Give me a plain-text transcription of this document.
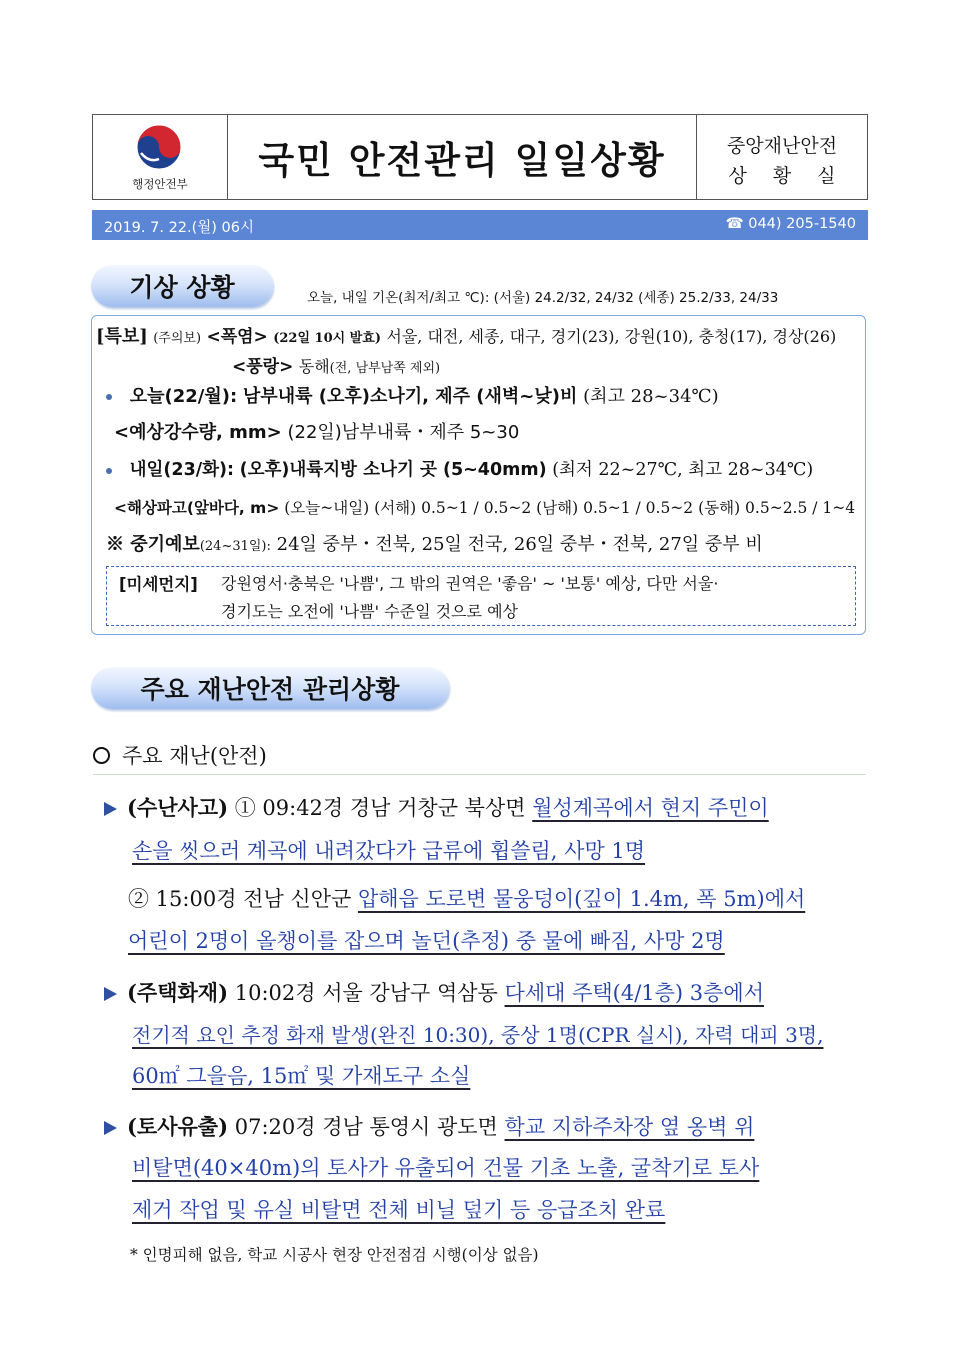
행정안전부
국민 안전관리 일일상황	중앙재난안전
상황실
2019. 7. 22.(월) 06시	☎ 044) 205-1540
기상 상황	오늘, 내일 기온(최저/최고 ℃): (서울) 24.2/32, 24/32 (세종) 25.2/33, 24/33
[특보] (주의보) <폭염> (22일 10시 발효) 서울, 대전, 세종, 대구, 경기(23), 강원(10), 충청(17), 경상(26)
<풍랑> 동해(전, 남부남쪽 제외)
오늘(22/월): 남부내륙 (오후)소나기, 제주 (새벽~낮)비 (최고 28~34℃)
<예상강수량, mm> (22일)남부내륙・제주 5~30
내일(23/화): (오후)내륙지방 소나기 곳 (5~40mm) (최저 22~27℃, 최고 28~34℃)
<해상파고(앞바다, m> (오늘~내일) (서해) 0.5~1 / 0.5~2 (남해) 0.5~1 / 0.5~2 (동해) 0.5~2.5 / 1~4
※ 중기예보(24~31일): 24일 중부・전북, 25일 전국, 26일 중부・전북, 27일 중부 비
[미세먼지] 강원영서·충북은 '나쁨', 그 밖의 권역은 '좋음' ~ '보통' 예상, 다만 서울·
경기도는 오전에 '나쁨' 수준일 것으로 예상
주요 재난안전 관리상황
주요 재난(안전)
(수난사고) ① 09:42경 경남 거창군 북상면 월성계곡에서 현지 주민이
손을 씻으러 계곡에 내려갔다가 급류에 휩쓸림, 사망 1명
② 15:00경 전남 신안군 압해읍 도로변 물웅덩이(깊이 1.4m, 폭 5m)에서
어린이 2명이 올챙이를 잡으며 놀던(추정) 중 물에 빠짐, 사망 2명
(주택화재) 10:02경 서울 강남구 역삼동 다세대 주택(4/1층) 3층에서
전기적 요인 추정 화재 발생(완진 10:30), 중상 1명(CPR 실시), 자력 대피 3명,
60㎡ 그을음, 15㎡ 및 가재도구 소실
(토사유출) 07:20경 경남 통영시 광도면 학교 지하주차장 옆 옹벽 위
비탈면(40×40m)의 토사가 유출되어 건물 기초 노출, 굴착기로 토사
제거 작업 및 유실 비탈면 전체 비닐 덮기 등 응급조치 완료
* 인명피해 없음, 학교 시공사 현장 안전점검 시행(이상 없음)
